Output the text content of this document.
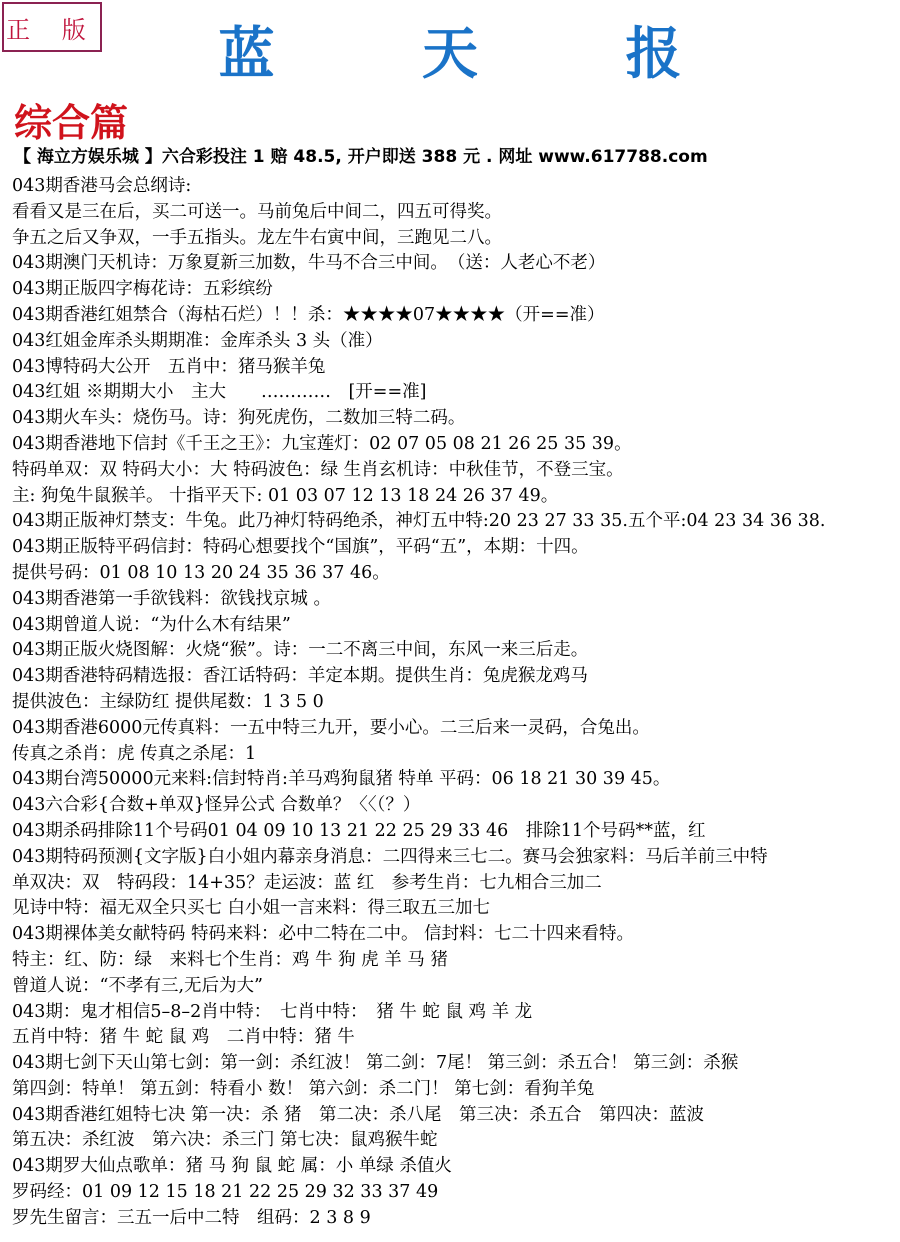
正 版	蓝 天 报
综合篇
【 海立方娱乐城 】六合彩投注 1 赔 48.5, 开户即送 388 元 . 网址 www.617788.com
043期香港马会总纲诗:
看看又是三在后，买二可送一。马前兔后中间二，四五可得奖。
争五之后又争双，一手五指头。龙左牛右寅中间，三跑见二八。
043期澳门天机诗：万象夏新三加数，牛马不合三中间。　（送：人老心不老）
043期正版四字梅花诗：五彩缤纷
043期香港红姐禁合（海枯石烂）！！杀：★★★★07★★★★（开==准）
043红姐金库杀头期期准：金库杀头 3 头（准）
043博特码大公开　五肖中：猪马猴羊兔
043红姐 ※期期大小　主大　　…………　[开==准]
043期火车头：烧伤马。诗：狗死虎伤，二数加三特二码。
043期香港地下信封《千王之王》：九宝莲灯：02 07 05 08 21 26 25 35 39。
特码单双：双 特码大小：大 特码波色：绿 生肖玄机诗：中秋佳节，不登三宝。
主: 狗兔牛鼠猴羊。 十指平天下: 01 03 07 12 13 18 24 26 37 49。
043期正版神灯禁支：牛兔。此乃神灯特码绝杀，神灯五中特:20 23 27 33 35.五个平:04 23 34 36 38.
043期正版特平码信封：特码心想要找个“国旗”，平码“五”，本期：十四。
提供号码：01 08 10 13 20 24 35 36 37 46。
043期香港第一手欲钱料：欲钱找京城 。
043期曾道人说：“为什么木有结果”
043期正版火烧图解：火烧“猴”。诗：一二不离三中间，东风一来三后走。
043期香港特码精选报：香江话特码：羊定本期。提供生肖：兔虎猴龙鸡马
提供波色：主绿防红 提供尾数：1 3 5 0
043期香港6000元传真料：一五中特三九开，要小心。二三后来一灵码，合兔出。
传真之杀肖：虎 传真之杀尾：1
043期台湾50000元来料:信封特肖:羊马鸡狗鼠猪 特单 平码：06 18 21 30 39 45。
043六合彩{合数+单双}怪异公式 合数单？〈〈（？）
043期杀码排除11个号码01 04 09 10 13 21 22 25 29 33 46　排除11个号码**蓝，红
043期特码预测{文字版}白小姐内幕亲身消息：二四得来三七二。赛马会独家料：马后羊前三中特
单双决：双　特码段：14+35？走运波：蓝 红　参考生肖：七九相合三加二
见诗中特：福无双全只买七 白小姐一言来料：得三取五三加七
043期裸体美女献特码 特码来料：必中二特在二中。 信封料：七二十四来看特。
特主：红、防：绿　来料七个生肖：鸡 牛 狗 虎 羊 马 猪
曾道人说：“不孝有三,无后为大”
043期：鬼才相信5–8–2肖中特：　七肖中特：　猪 牛 蛇 鼠 鸡 羊 龙
五肖中特：猪 牛 蛇 鼠 鸡　二肖中特：猪 牛
043期七剑下天山第七剑：第一剑：杀红波！ 第二剑：7尾！ 第三剑：杀五合！ 第三剑：杀猴
第四剑：特单！ 第五剑：特看小 数！ 第六剑：杀二门！ 第七剑：看狗羊兔
043期香港红姐特七决 第一决：杀 猪　第二决：杀八尾　第三决：杀五合　第四决：蓝波
第五决：杀红波　第六决：杀三门 第七决：鼠鸡猴牛蛇
043期罗大仙点歌单：猪 马 狗 鼠 蛇 属：小 单绿 杀值火
罗码经：01 09 12 15 18 21 22 25 29 32 33 37 49
罗先生留言：三五一后中二特　组码：2 3 8 9
